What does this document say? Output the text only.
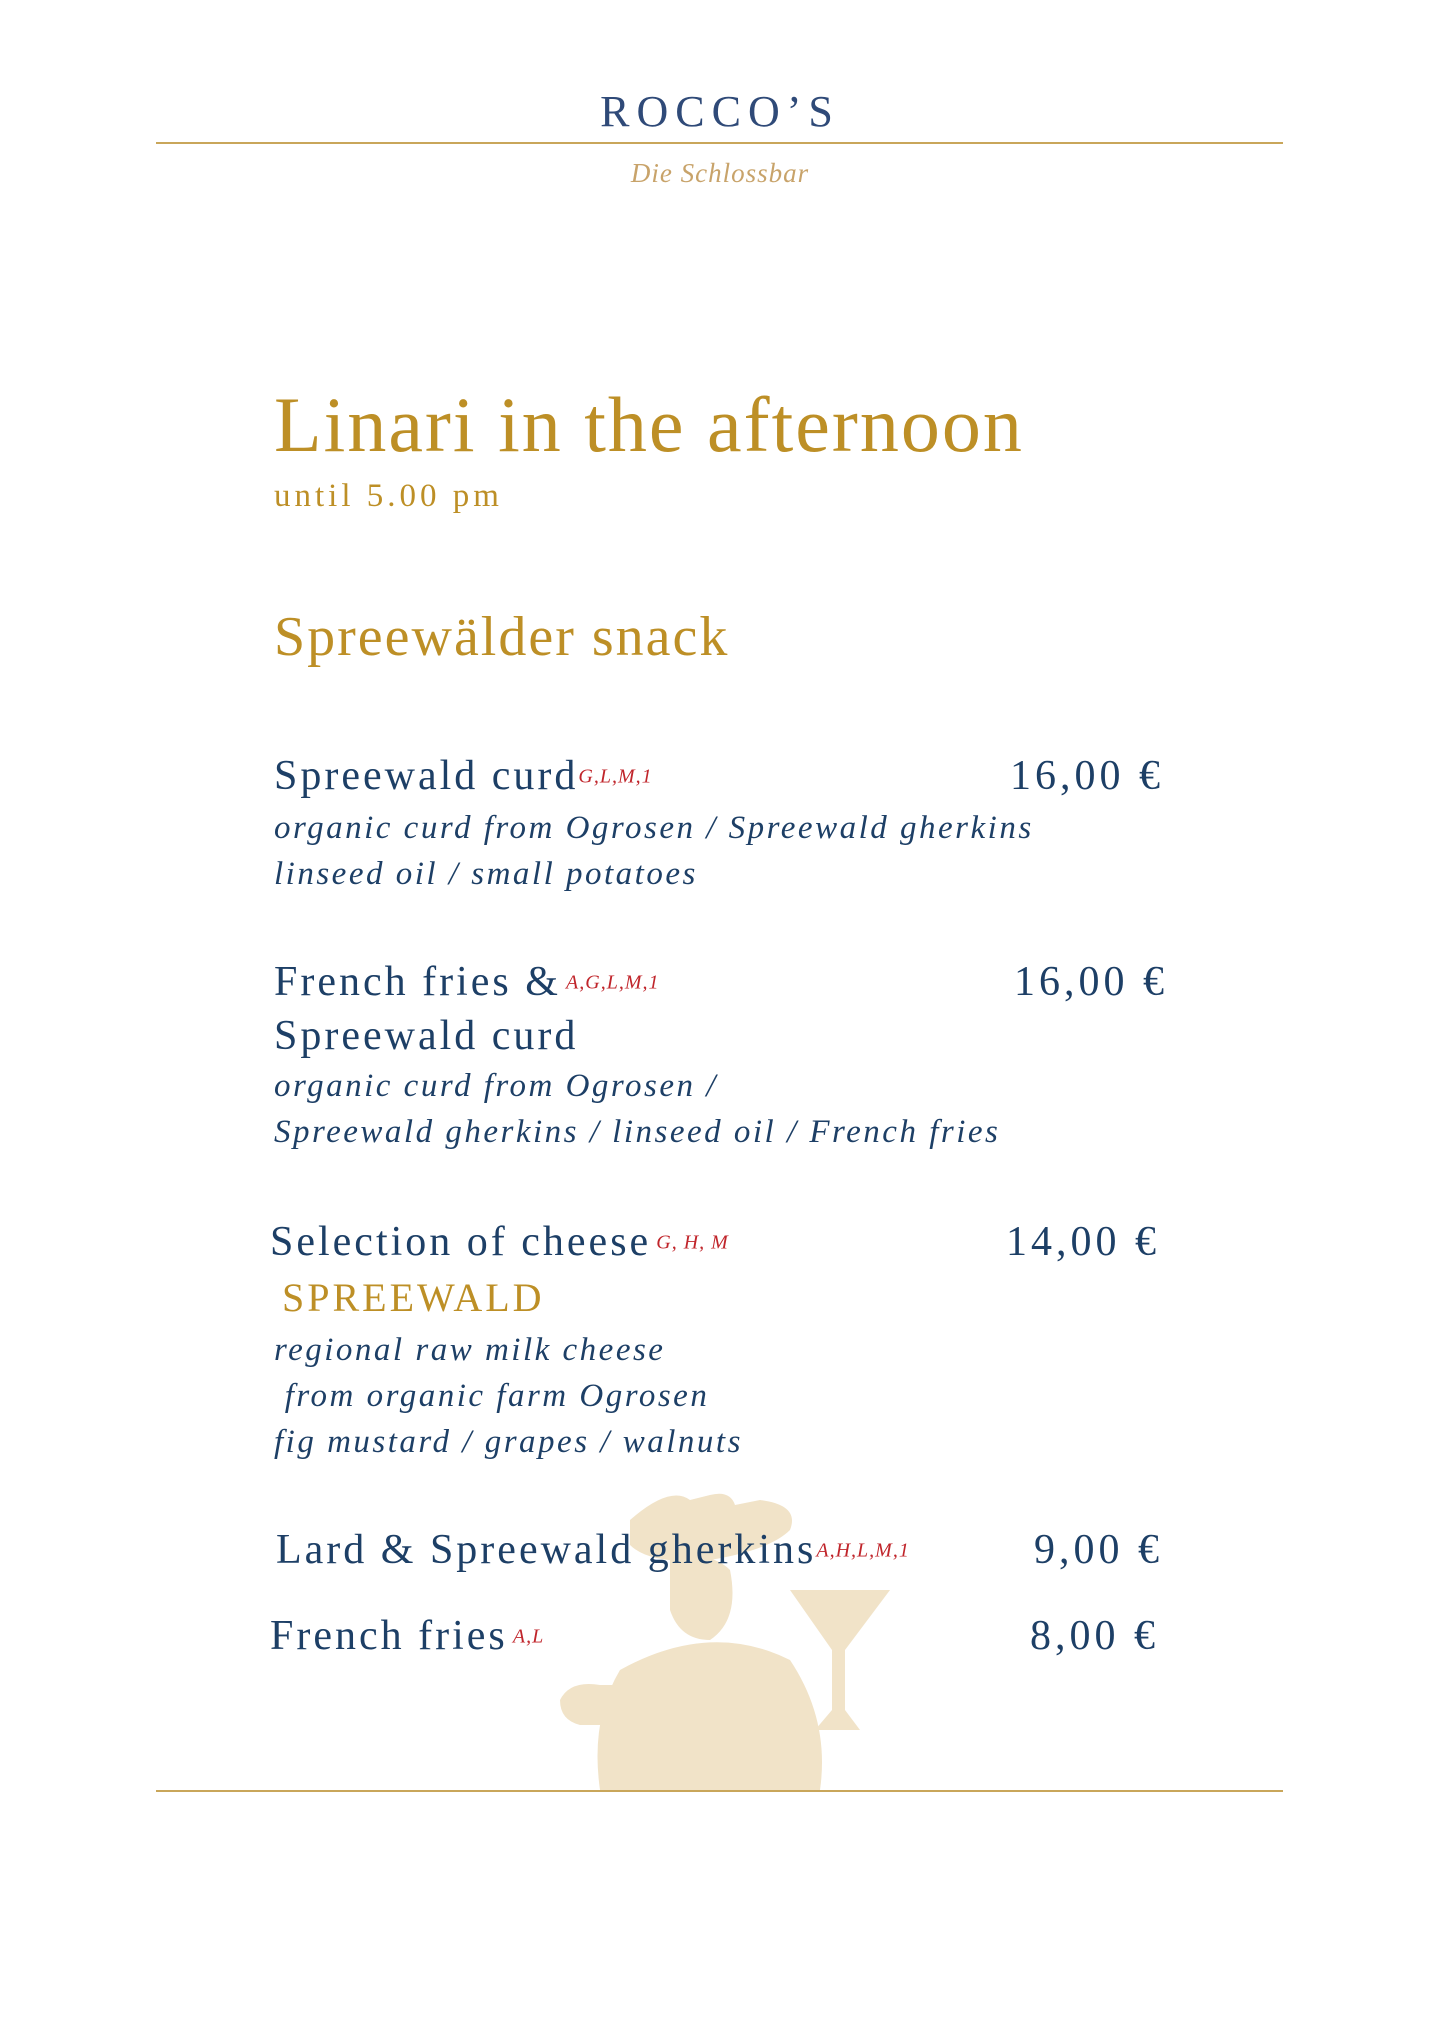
ROCCO’S
Die Schlossbar
Linari in the afternoon
until 5.00 pm
Spreewälder snack
Spreewald curd$^{G,L,M,1}$	16,00 €
organic curd from Ogrosen / Spreewald gherkins
linseed oil / small potatoes
French fries & $^{A,G,L,M,1}$	16,00 €
Spreewald curd
organic curd from Ogrosen /
Spreewald gherkins / linseed oil / French fries
Selection of cheese $^{G, H, M}$	14,00 €
SPREEWALD
regional raw milk cheese
from organic farm Ogrosen
fig mustard / grapes / walnuts
Lard & Spreewald gherkins$^{A,H,L,M,1}$	9,00 €
French fries $^{A,L}$	8,00 €
